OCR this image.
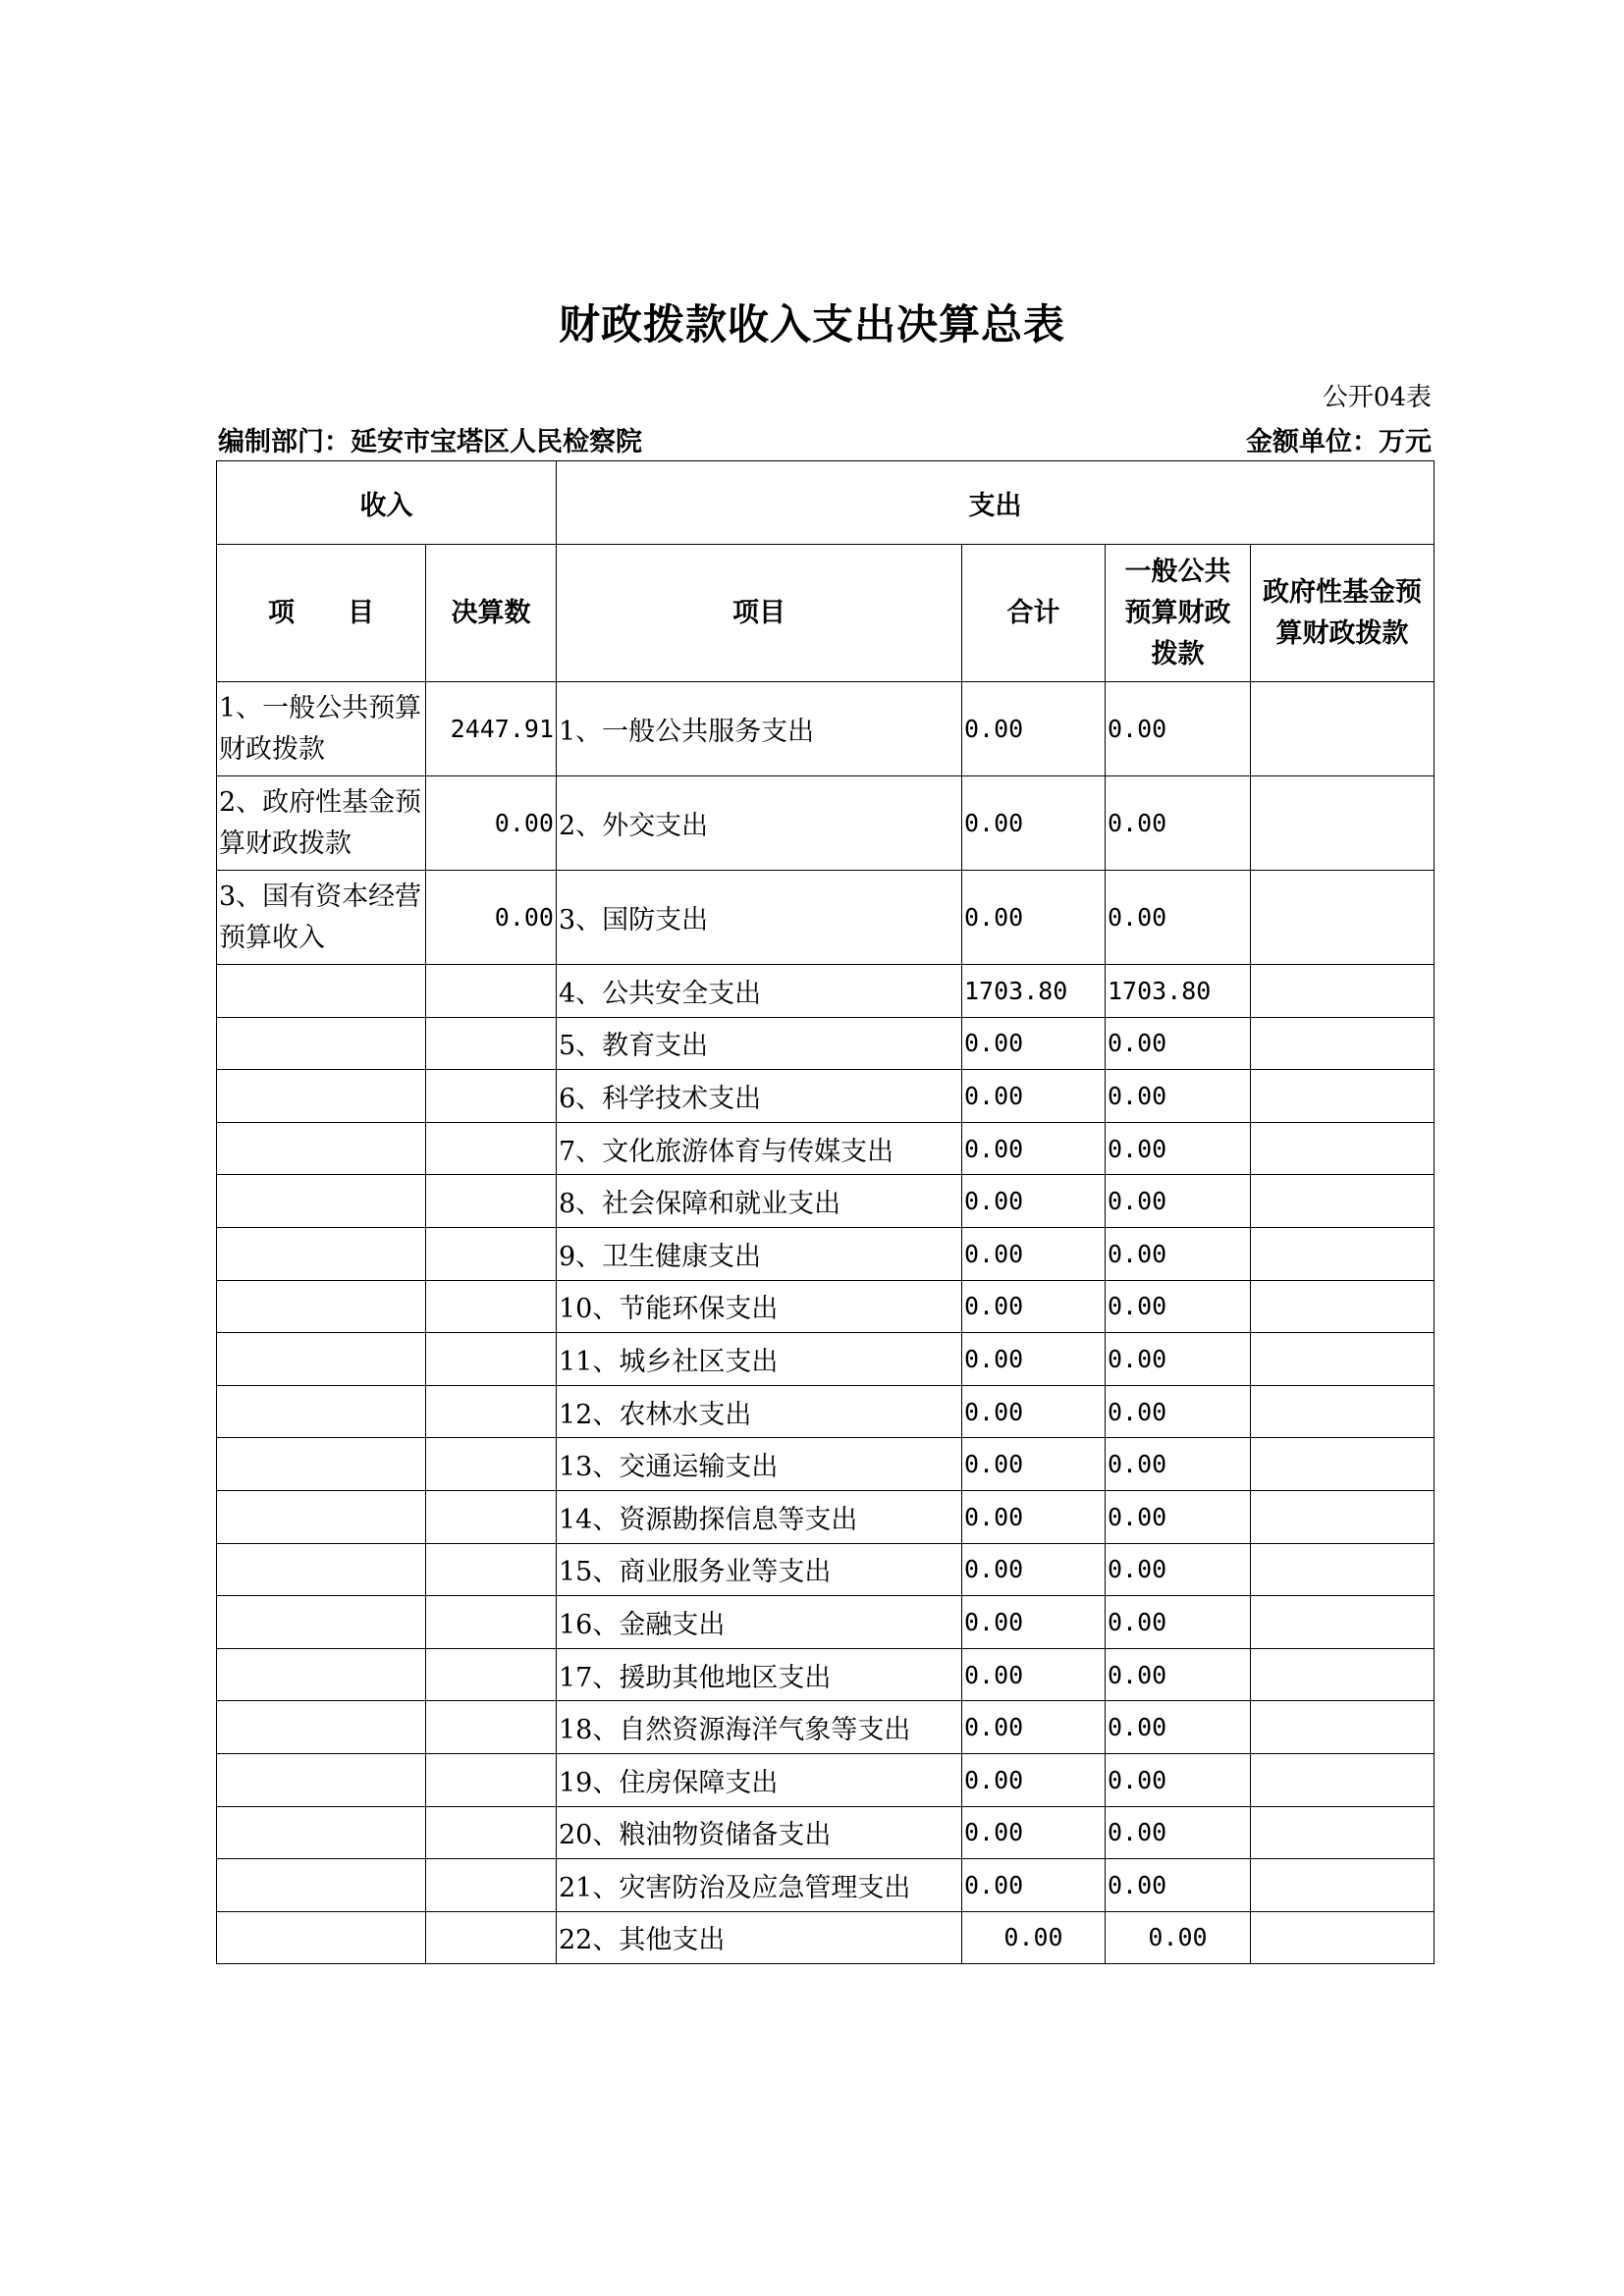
财政拨款收入支出决算总表
公开04表
编制部门：延安市宝塔区人民检察院	金额单位：万元
收入		支出			
项　　目	决算数	项目	合计	一般公共预算财政拨款	政府性基金预算财政拨款
1、一般公共预算财政拨款	2447.91	1、一般公共服务支出	0.00	0.00	
2、政府性基金预算财政拨款	0.00	2、外交支出	0.00	0.00	
3、国有资本经营预算收入	0.00	3、国防支出	0.00	0.00	
		4、公共安全支出	1703.80	1703.80	
		5、教育支出	0.00	0.00	
		6、科学技术支出	0.00	0.00	
		7、文化旅游体育与传媒支出	0.00	0.00	
		8、社会保障和就业支出	0.00	0.00	
		9、卫生健康支出	0.00	0.00	
		10、节能环保支出	0.00	0.00	
		11、城乡社区支出	0.00	0.00	
		12、农林水支出	0.00	0.00	
		13、交通运输支出	0.00	0.00	
		14、资源勘探信息等支出	0.00	0.00	
		15、商业服务业等支出	0.00	0.00	
		16、金融支出	0.00	0.00	
		17、援助其他地区支出	0.00	0.00	
		18、自然资源海洋气象等支出	0.00	0.00	
		19、住房保障支出	0.00	0.00	
		20、粮油物资储备支出	0.00	0.00	
		21、灾害防治及应急管理支出	0.00	0.00	
		22、其他支出	0.00	0.00	
